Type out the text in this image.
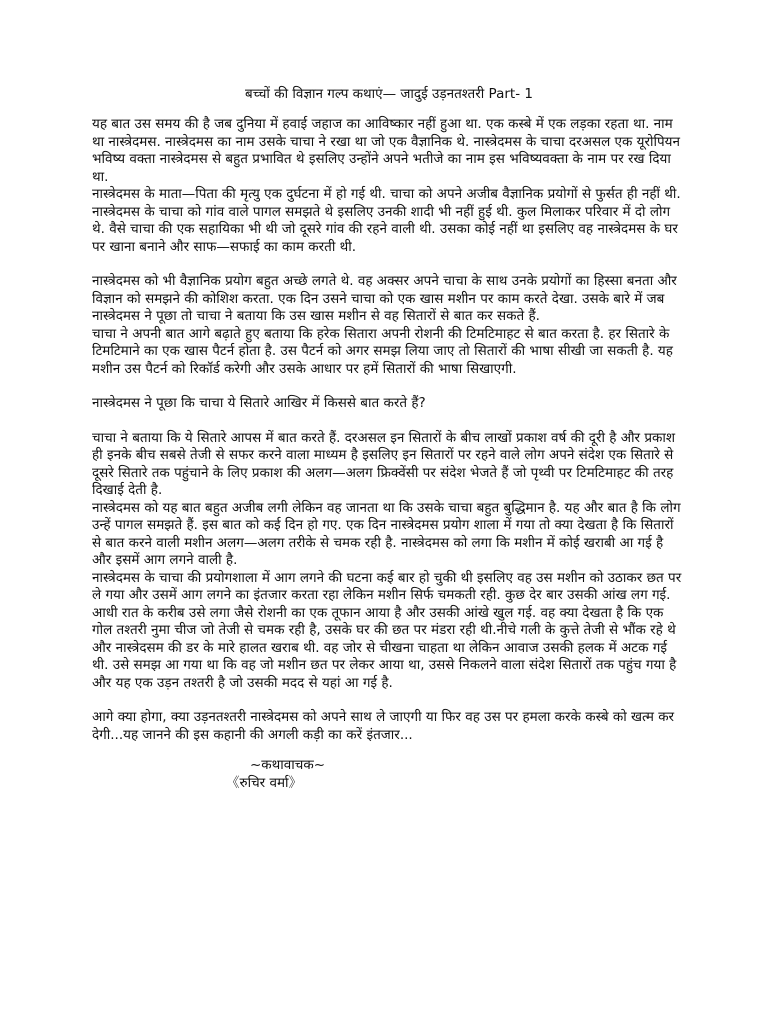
बच्चों की विज्ञान गल्प कथाएं— जादुई उड़नतश्तरी Part- 1

यह बात उस समय की है जब दुनिया में हवाई जहाज का आविष्कार नहीं हुआ था. एक कस्बे में एक लड़का रहता था. नाम था नास्त्रेदमस. नास्त्रेदमस का नाम उसके चाचा ने रखा था जो एक वैज्ञानिक थे. नास्त्रेदमस के चाचा दरअसल एक यूरोपियन भविष्य वक्ता नास्त्रेदमस से बहुत प्रभावित थे इसलिए उन्होंने अपने भतीजे का नाम इस भविष्यवक्ता के नाम पर रख दिया था.

नास्त्रेदमस के माता—पिता की मृत्यु एक दुर्घटना में हो गई थी. चाचा को अपने अजीब वैज्ञानिक प्रयोगों से फुर्सत ही नहीं थी. नास्त्रेदमस के चाचा को गांव वाले पागल समझते थे इसलिए उनकी शादी भी नहीं हुई थी. कुल मिलाकर परिवार में दो लोग थे. वैसे चाचा की एक सहायिका भी थी जो दूसरे गांव की रहने वाली थी. उसका कोई नहीं था इसलिए वह नास्त्रेदमस के घर पर खाना बनाने और साफ—सफाई का काम करती थी.

नास्त्रेदमस को भी वैज्ञानिक प्रयोग बहुत अच्छे लगते थे. वह अक्सर अपने चाचा के साथ उनके प्रयोगों का हिस्सा बनता और विज्ञान को समझने की कोशिश करता. एक दिन उसने चाचा को एक खास मशीन पर काम करते देखा. उसके बारे में जब नास्त्रेदमस ने पूछा तो चाचा ने बताया कि उस खास मशीन से वह सितारों से बात कर सकते हैं.

चाचा ने अपनी बात आगे बढ़ाते हुए बताया कि हरेक सितारा अपनी रोशनी की टिमटिमाहट से बात करता है. हर सितारे के टिमटिमाने का एक खास पैटर्न होता है. उस पैटर्न को अगर समझ लिया जाए तो सितारों की भाषा सीखी जा सकती है. यह मशीन उस पैटर्न को रिकॉर्ड करेगी और उसके आधार पर हमें सितारों की भाषा सिखाएगी.

नास्त्रेदमस ने पूछा कि चाचा ये सितारे आखिर में किससे बात करते हैं?

चाचा ने बताया कि ये सितारे आपस में बात करते हैं. दरअसल इन सितारों के बीच लाखों प्रकाश वर्ष की दूरी है और प्रकाश ही इनके बीच सबसे तेजी से सफर करने वाला माध्यम है इसलिए इन सितारों पर रहने वाले लोग अपने संदेश एक सितारे से दूसरे सितारे तक पहुंचाने के लिए प्रकाश की अलग—अलग फ्रिक्वेंसी पर संदेश भेजते हैं जो पृथ्वी पर टिमटिमाहट की तरह दिखाई देती है.

नास्त्रेदमस को यह बात बहुत अजीब लगी लेकिन वह जानता था कि उसके चाचा बहुत बुद्धिमान है. यह और बात है कि लोग उन्हें पागल समझते हैं. इस बात को कई दिन हो गए. एक दिन नास्त्रेदमस प्रयोग शाला में गया तो क्या देखता है कि सितारों से बात करने वाली मशीन अलग—अलग तरीके से चमक रही है. नास्त्रेदमस को लगा कि मशीन में कोई खराबी आ गई है और इसमें आग लगने वाली है.

नास्त्रेदमस के चाचा की प्रयोगशाला में आग लगने की घटना कई बार हो चुकी थी इसलिए वह उस मशीन को उठाकर छत पर ले गया और उसमें आग लगने का इंतजार करता रहा लेकिन मशीन सिर्फ चमकती रही. कुछ देर बार उसकी आंख लग गई. आधी रात के करीब उसे लगा जैसे रोशनी का एक तूफान आया है और उसकी आंखे खुल गई. वह क्या देखता है कि एक गोल तश्तरी नुमा चीज जो तेजी से चमक रही है, उसके घर की छत पर मंडरा रही थी.नीचे गली के कुत्ते तेजी से भौंक रहे थे और नास्त्रेदसम की डर के मारे हालत खराब थी. वह जोर से चीखना चाहता था लेकिन आवाज उसकी हलक में अटक गई थी. उसे समझ आ गया था कि वह जो मशीन छत पर लेकर आया था, उससे निकलने वाला संदेश सितारों तक पहुंच गया है और यह एक उड़न तश्तरी है जो उसकी मदद से यहां आ गई है.

आगे क्या होगा, क्या उड़नतश्तरी नास्त्रेदमस को अपने साथ ले जाएगी या फिर वह उस पर हमला करके कस्बे को खत्म कर देगी...यह जानने की इस कहानी की अगली कड़ी का करें इंतजार...

~कथावाचक~
《रुचिर वर्मा》
